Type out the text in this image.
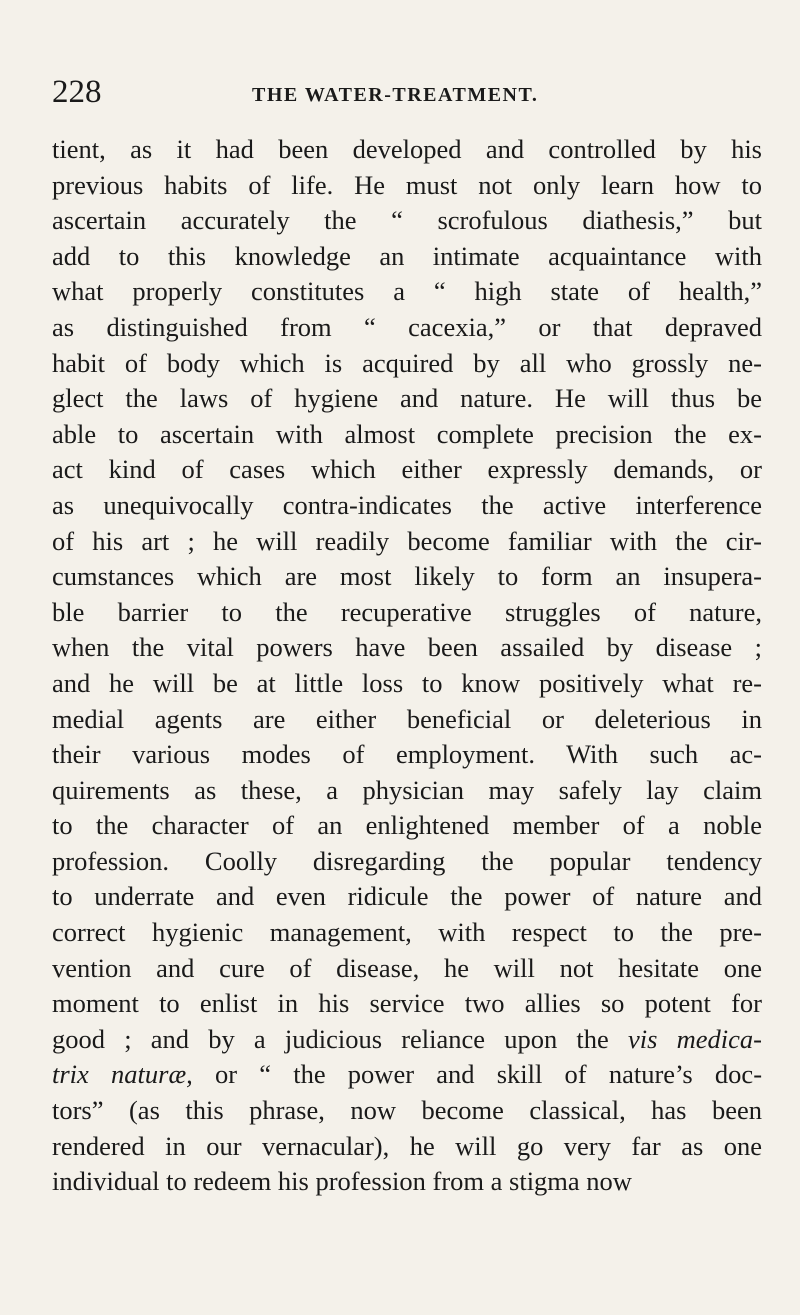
228	THE WATER-TREATMENT.
tient, as it had been developed and controlled by his
previous habits of life. He must not only learn how to
ascertain accurately the “ scrofulous diathesis,” but
add to this knowledge an intimate acquaintance with
what properly constitutes a “ high state of health,”
as distinguished from “ cacexia,” or that depraved
habit of body which is acquired by all who grossly ne-
glect the laws of hygiene and nature. He will thus be
able to ascertain with almost complete precision the ex-
act kind of cases which either expressly demands, or
as unequivocally contra-indicates the active interference
of his art ; he will readily become familiar with the cir-
cumstances which are most likely to form an insupera-
ble barrier to the recuperative struggles of nature,
when the vital powers have been assailed by disease ;
and he will be at little loss to know positively what re-
medial agents are either beneficial or deleterious in
their various modes of employment. With such ac-
quirements as these, a physician may safely lay claim
to the character of an enlightened member of a noble
profession. Coolly disregarding the popular tendency
to underrate and even ridicule the power of nature and
correct hygienic management, with respect to the pre-
vention and cure of disease, he will not hesitate one
moment to enlist in his service two allies so potent for
good ; and by a judicious reliance upon the vis medica-
trix naturæ, or “ the power and skill of nature’s doc-
tors” (as this phrase, now become classical, has been
rendered in our vernacular), he will go very far as one
individual to redeem his profession from a stigma now
